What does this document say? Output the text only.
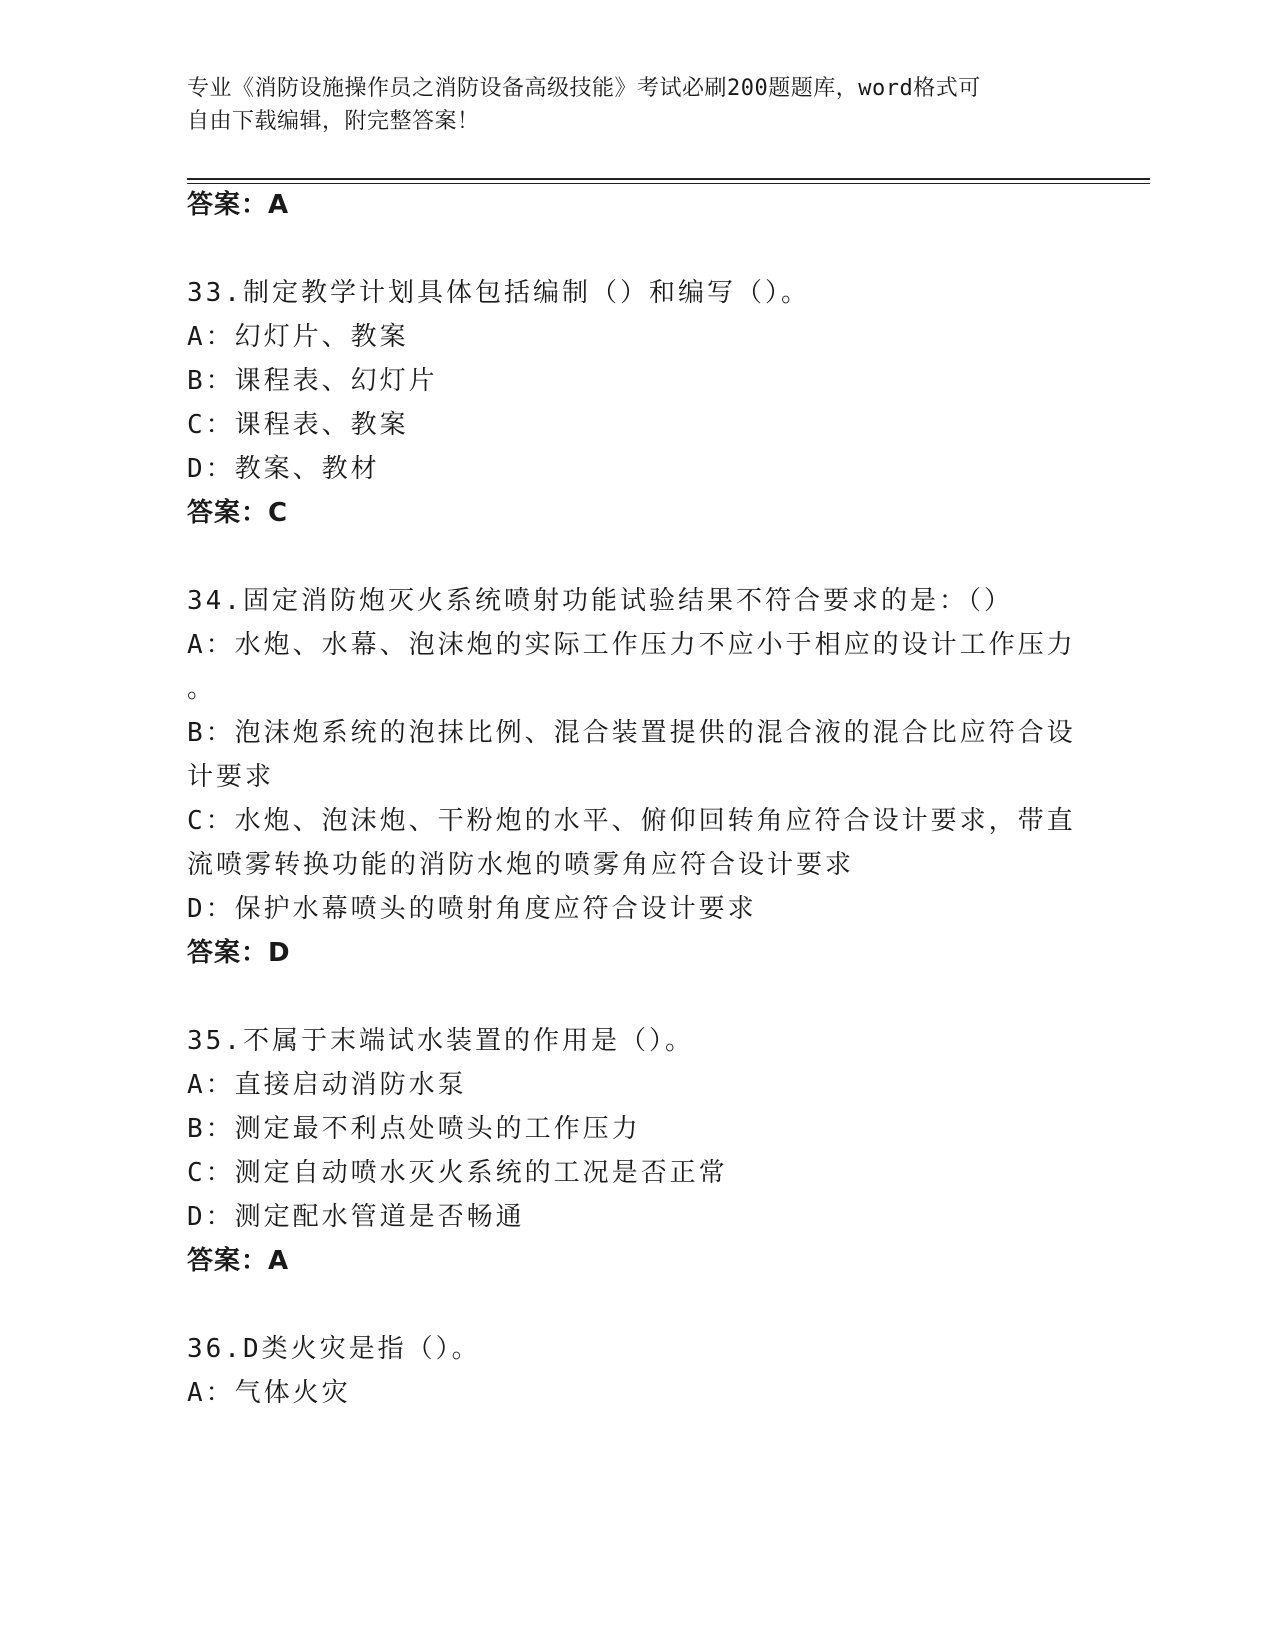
专业《消防设施操作员之消防设备高级技能》考试必刷200题题库，word格式可
自由下载编辑，附完整答案！
答案：A
33.制定教学计划具体包括编制（）和编写（）。
A：幻灯片、教案
B：课程表、幻灯片
C：课程表、教案
D：教案、教材
答案：C
34.固定消防炮灭火系统喷射功能试验结果不符合要求的是：（）
A：水炮、水幕、泡沫炮的实际工作压力不应小于相应的设计工作压力
。
B：泡沫炮系统的泡抹比例、混合装置提供的混合液的混合比应符合设
计要求
C：水炮、泡沫炮、干粉炮的水平、俯仰回转角应符合设计要求，带直
流喷雾转换功能的消防水炮的喷雾角应符合设计要求
D：保护水幕喷头的喷射角度应符合设计要求
答案：D
35.不属于末端试水装置的作用是（）。
A：直接启动消防水泵
B：测定最不利点处喷头的工作压力
C：测定自动喷水灭火系统的工况是否正常
D：测定配水管道是否畅通
答案：A
36.D类火灾是指（）。
A：气体火灾
